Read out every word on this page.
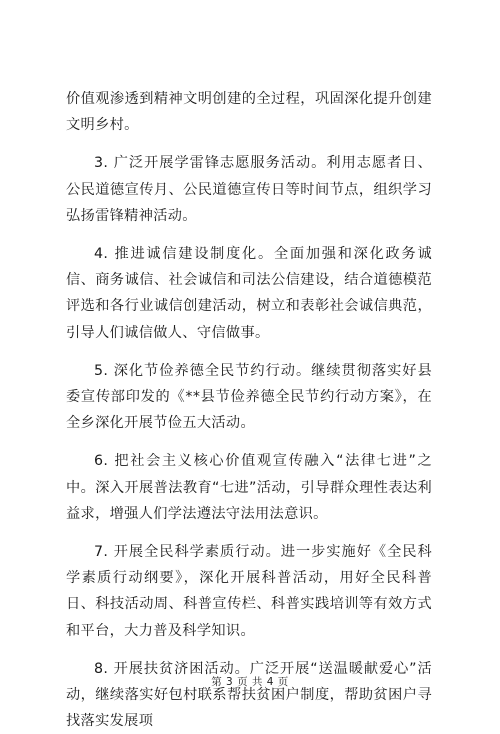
价值观渗透到精神文明创建的全过程，巩固深化提升创建文明乡村。

3. 广泛开展学雷锋志愿服务活动。利用志愿者日、公民道德宣传月、公民道德宣传日等时间节点，组织学习弘扬雷锋精神活动。

4. 推进诚信建设制度化。全面加强和深化政务诚信、商务诚信、社会诚信和司法公信建设，结合道德模范评选和各行业诚信创建活动，树立和表彰社会诚信典范，引导人们诚信做人、守信做事。

5. 深化节俭养德全民节约行动。继续贯彻落实好县委宣传部印发的《**县节俭养德全民节约行动方案》，在全乡深化开展节俭五大活动。

6. 把社会主义核心价值观宣传融入“法律七进”之中。深入开展普法教育“七进”活动，引导群众理性表达利益求，增强人们学法遵法守法用法意识。

7. 开展全民科学素质行动。进一步实施好《全民科学素质行动纲要》，深化开展科普活动，用好全民科普日、科技活动周、科普宣传栏、科普实践培训等有效方式和平台，大力普及科学知识。

8. 开展扶贫济困活动。广泛开展“送温暖献爱心”活动，继续落实好包村联系帮扶贫困户制度，帮助贫困户寻找落实发展项

第 3 页 共 4 页
